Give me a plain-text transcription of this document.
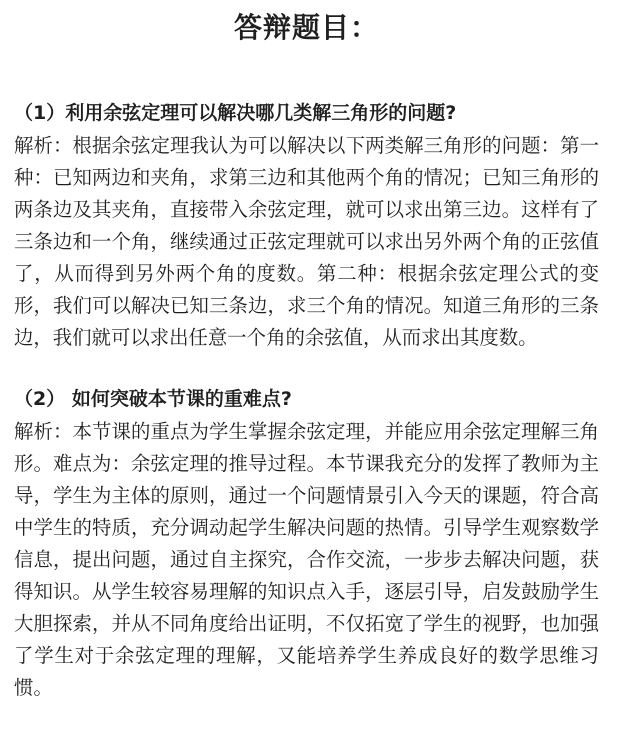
答辩题目：
（1）利用余弦定理可以解决哪几类解三角形的问题?

解析：根据余弦定理我认为可以解决以下两类解三角形的问题：第一种：已知两边和夹角，求第三边和其他两个角的情况；已知三角形的两条边及其夹角，直接带入余弦定理，就可以求出第三边。这样有了三条边和一个角，继续通过正弦定理就可以求出另外两个角的正弦值了，从而得到另外两个角的度数。第二种：根据余弦定理公式的变形，我们可以解决已知三条边，求三个角的情况。知道三角形的三条边，我们就可以求出任意一个角的余弦值，从而求出其度数。

（2） 如何突破本节课的重难点?

解析：本节课的重点为学生掌握余弦定理，并能应用余弦定理解三角形。难点为：余弦定理的推导过程。本节课我充分的发挥了教师为主导，学生为主体的原则，通过一个问题情景引入今天的课题，符合高中学生的特质，充分调动起学生解决问题的热情。引导学生观察数学信息，提出问题，通过自主探究，合作交流，一步步去解决问题，获得知识。从学生较容易理解的知识点入手，逐层引导，启发鼓励学生大胆探索，并从不同角度给出证明，不仅拓宽了学生的视野，也加强了学生对于余弦定理的理解，又能培养学生养成良好的数学思维习惯。
